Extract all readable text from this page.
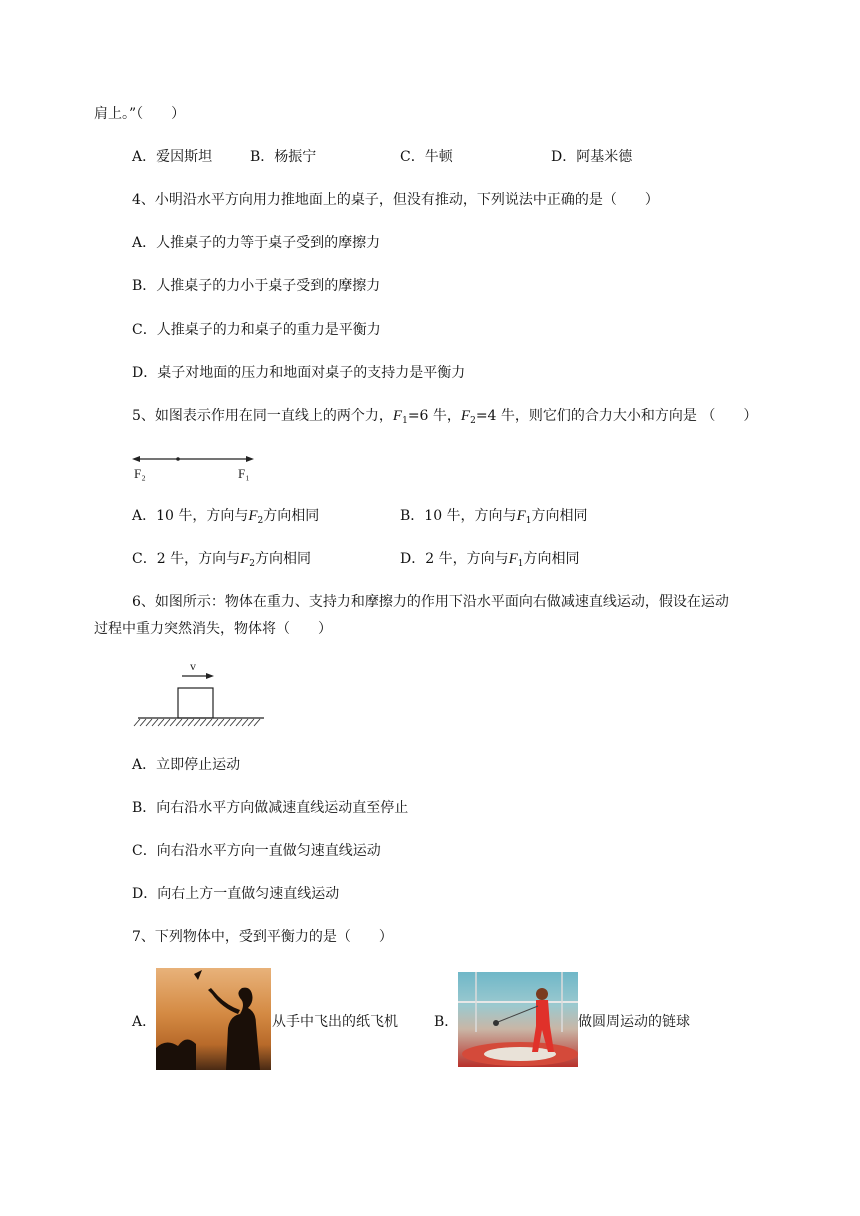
肩上。”（　　）
A．爱因斯坦	B．杨振宁	C．牛顿	D．阿基米德
4、小明沿水平方向用力推地面上的桌子，但没有推动，下列说法中正确的是（　　）
A．人推桌子的力等于桌子受到的摩擦力
B．人推桌子的力小于桌子受到的摩擦力
C．人推桌子的力和桌子的重力是平衡力
D．桌子对地面的压力和地面对桌子的支持力是平衡力
5、如图表示作用在同一直线上的两个力，$F_1=6$ 牛，$F_2=4$ 牛，则它们的合力大小和方向是 （　　）
F₂	F₁
A．10 牛，方向与$F_2$方向相同	B．10 牛，方向与$F_1$方向相同
C．2 牛，方向与$F_2$方向相同	D．2 牛，方向与$F_1$方向相同
6、如图所示：物体在重力、支持力和摩擦力的作用下沿水平面向右做减速直线运动，假设在运动
过程中重力突然消失，物体将（　　）
v
A．立即停止运动
B．向右沿水平方向做减速直线运动直至停止
C．向右沿水平方向一直做匀速直线运动
D．向右上方一直做匀速直线运动
7、下列物体中，受到平衡力的是（　　）
A．	从手中飞出的纸飞机	B．	做圆周运动的链球
